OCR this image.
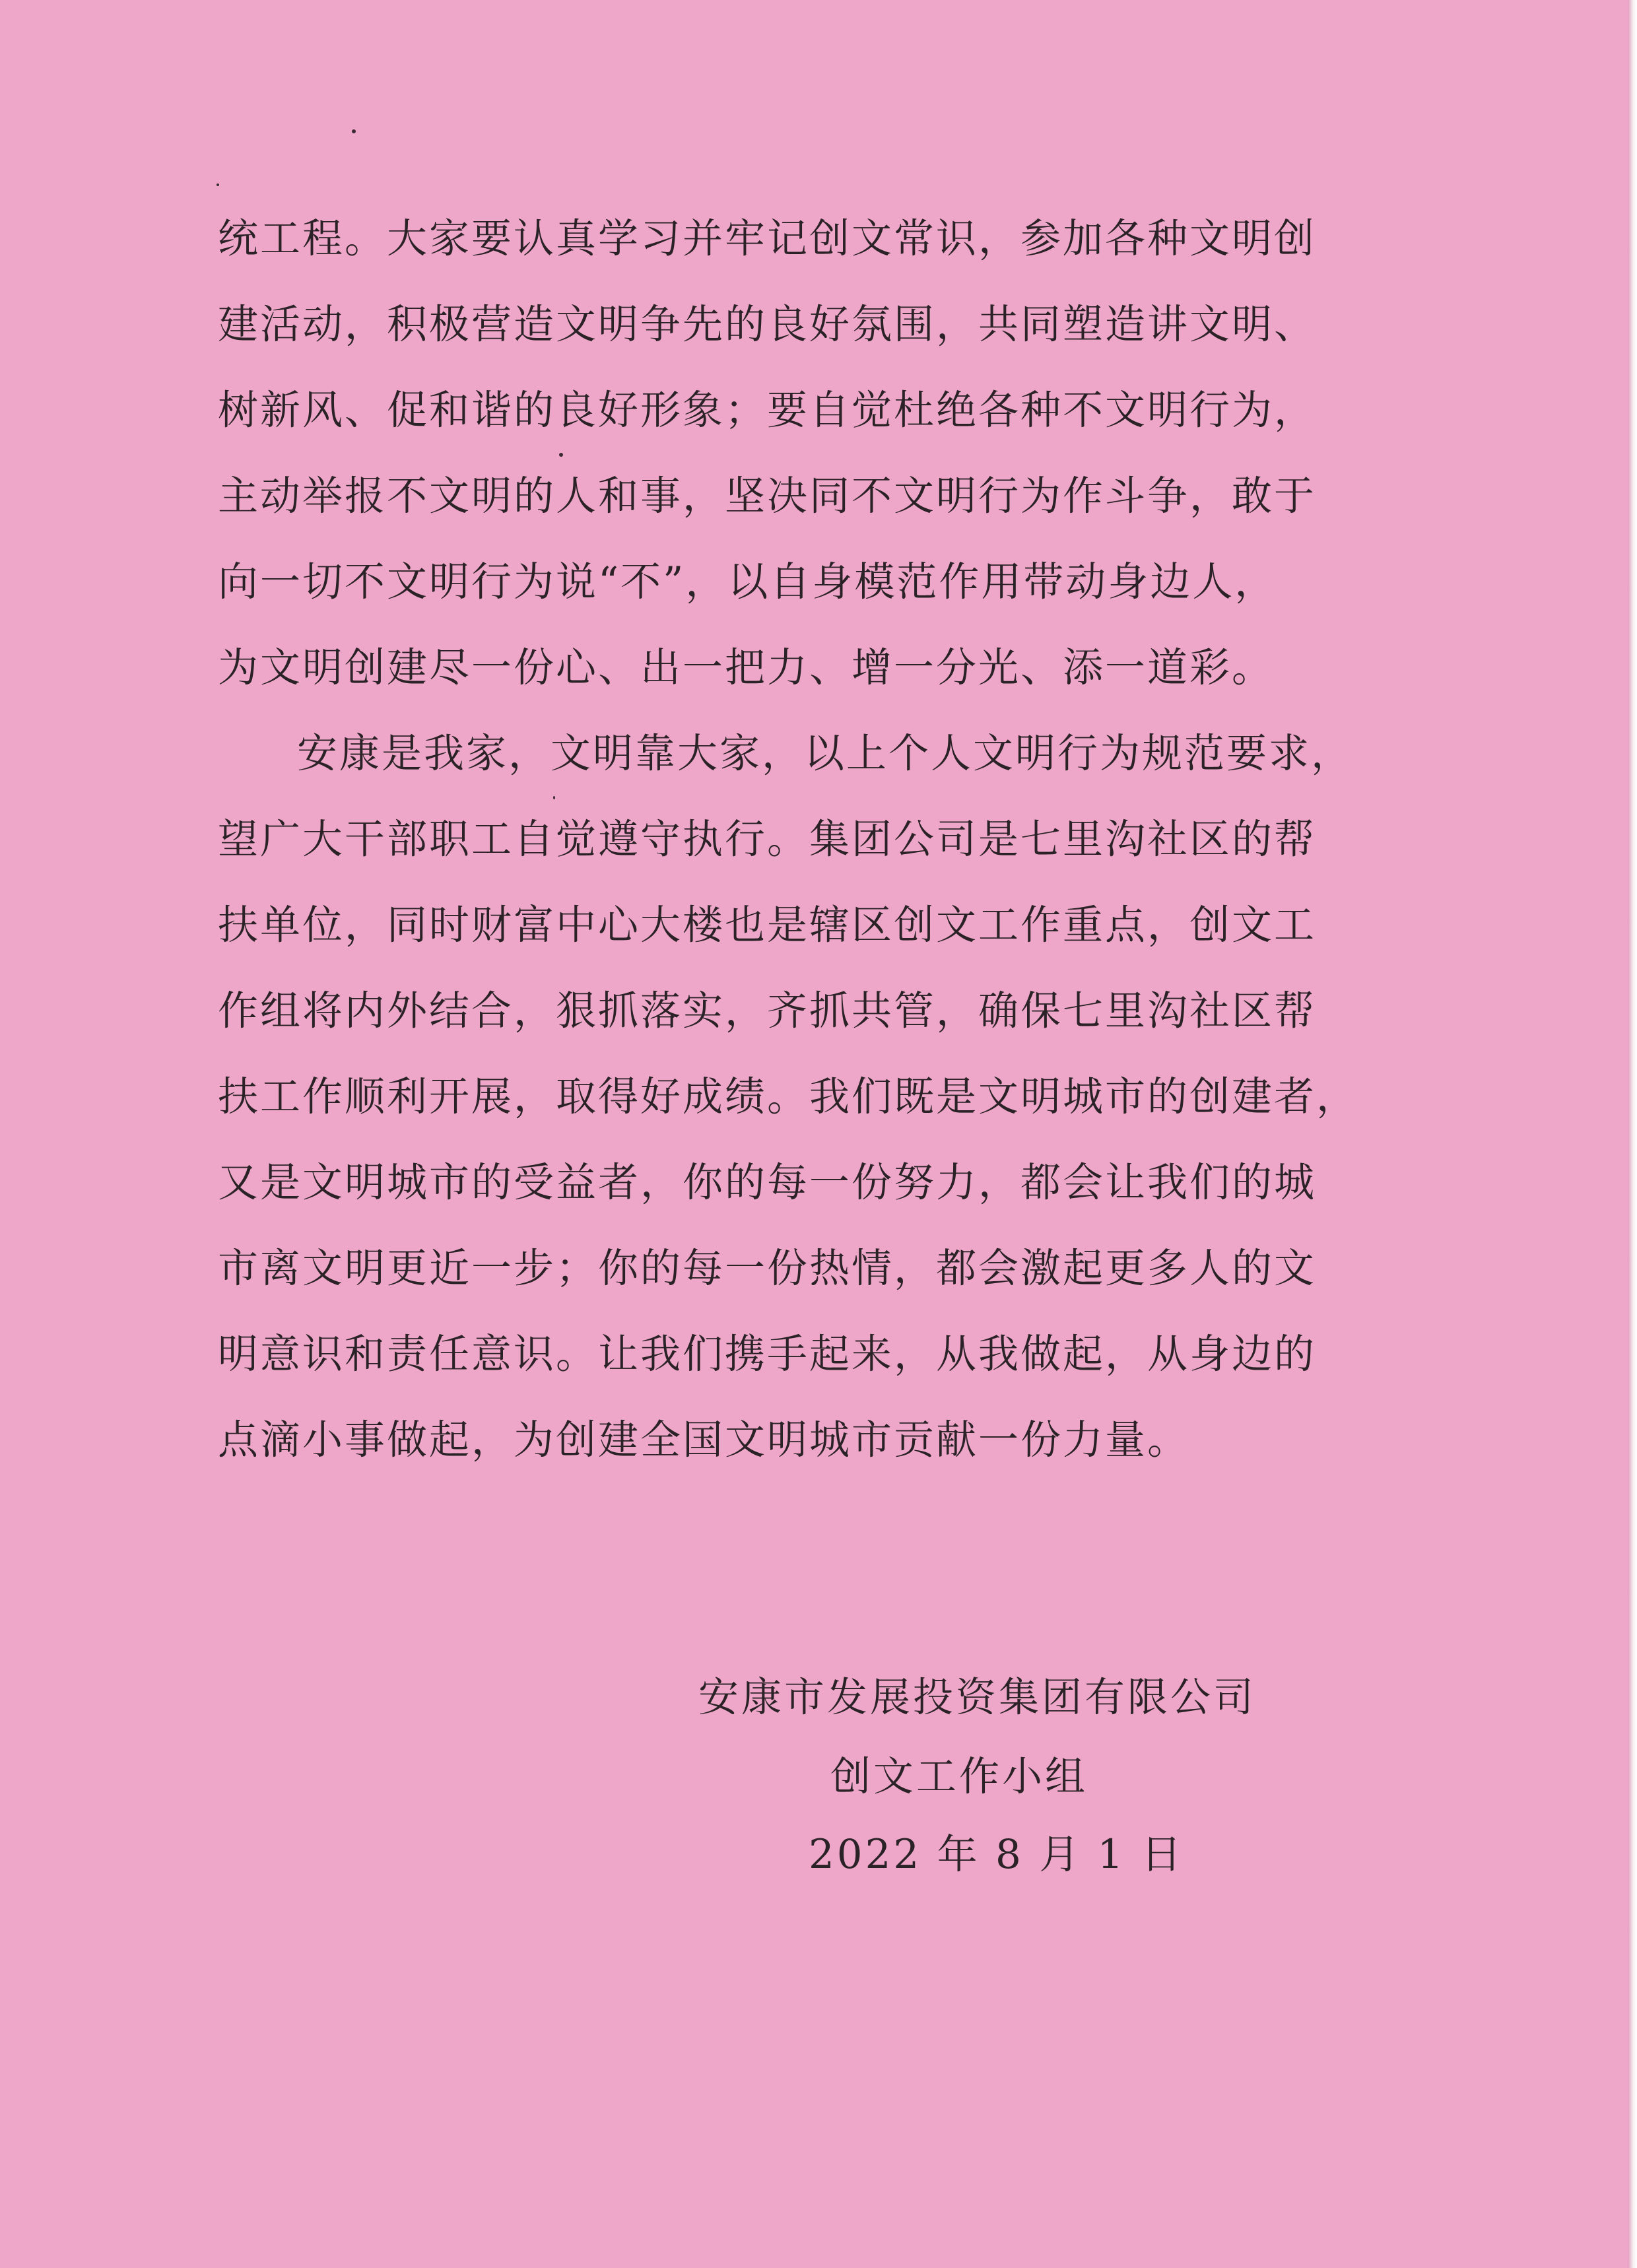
统工程。大家要认真学习并牢记创文常识，参加各种文明创
建活动，积极营造文明争先的良好氛围，共同塑造讲文明、
树新风、促和谐的良好形象；要自觉杜绝各种不文明行为，
主动举报不文明的人和事，坚决同不文明行为作斗争，敢于
向一切不文明行为说“不”，以自身模范作用带动身边人，
为文明创建尽一份心、出一把力、增一分光、添一道彩。
安康是我家，文明靠大家，以上个人文明行为规范要求，
望广大干部职工自觉遵守执行。集团公司是七里沟社区的帮
扶单位，同时财富中心大楼也是辖区创文工作重点，创文工
作组将内外结合，狠抓落实，齐抓共管，确保七里沟社区帮
扶工作顺利开展，取得好成绩。我们既是文明城市的创建者，
又是文明城市的受益者，你的每一份努力，都会让我们的城
市离文明更近一步；你的每一份热情，都会激起更多人的文
明意识和责任意识。让我们携手起来，从我做起，从身边的
点滴小事做起，为创建全国文明城市贡献一份力量。
安康市发展投资集团有限公司
创文工作小组
2022 年 8 月 1 日
